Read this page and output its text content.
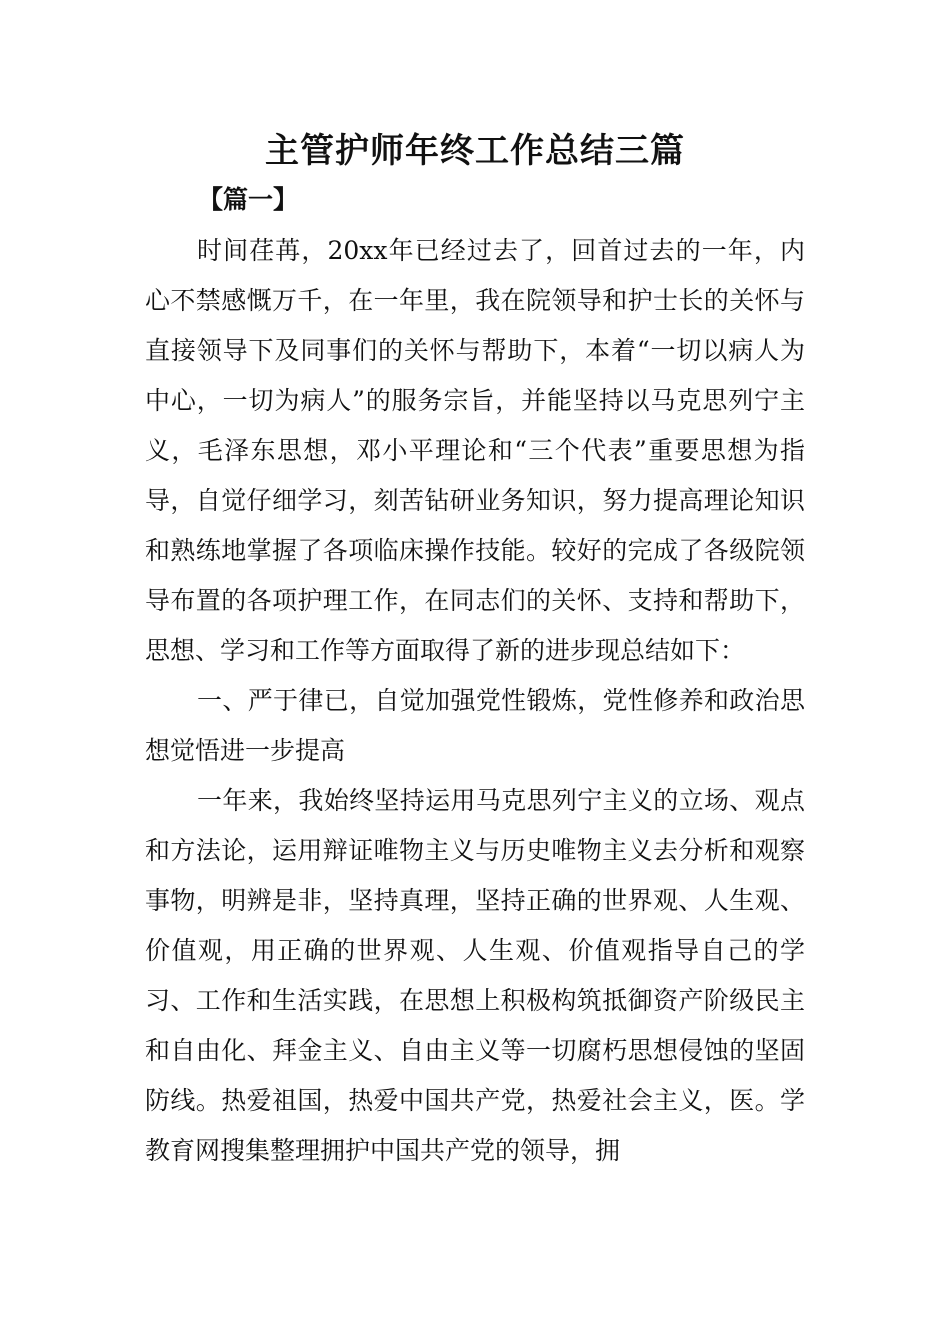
主管护师年终工作总结三篇

【篇一】

时间荏苒，20xx年已经过去了，回首过去的一年，内心不禁感慨万千，在一年里，我在院领导和护士长的关怀与直接领导下及同事们的关怀与帮助下，本着“一切以病人为中心，一切为病人”的服务宗旨，并能坚持以马克思列宁主义，毛泽东思想，邓小平理论和“三个代表”重要思想为指导，自觉仔细学习，刻苦钻研业务知识，努力提高理论知识和熟练地掌握了各项临床操作技能。较好的完成了各级院领导布置的各项护理工作，在同志们的关怀、支持和帮助下，思想、学习和工作等方面取得了新的进步现总结如下：

一、严于律已，自觉加强党性锻炼，党性修养和政治思想觉悟进一步提高

一年来，我始终坚持运用马克思列宁主义的立场、观点和方法论，运用辩证唯物主义与历史唯物主义去分析和观察事物，明辨是非，坚持真理，坚持正确的世界观、人生观、价值观，用正确的世界观、人生观、价值观指导自己的学习、工作和生活实践，在思想上积极构筑抵御资产阶级民主和自由化、拜金主义、自由主义等一切腐朽思想侵蚀的坚固防线。热爱祖国，热爱中国共产党，热爱社会主义，医。学教育网搜集整理拥护中国共产党的领导，拥
